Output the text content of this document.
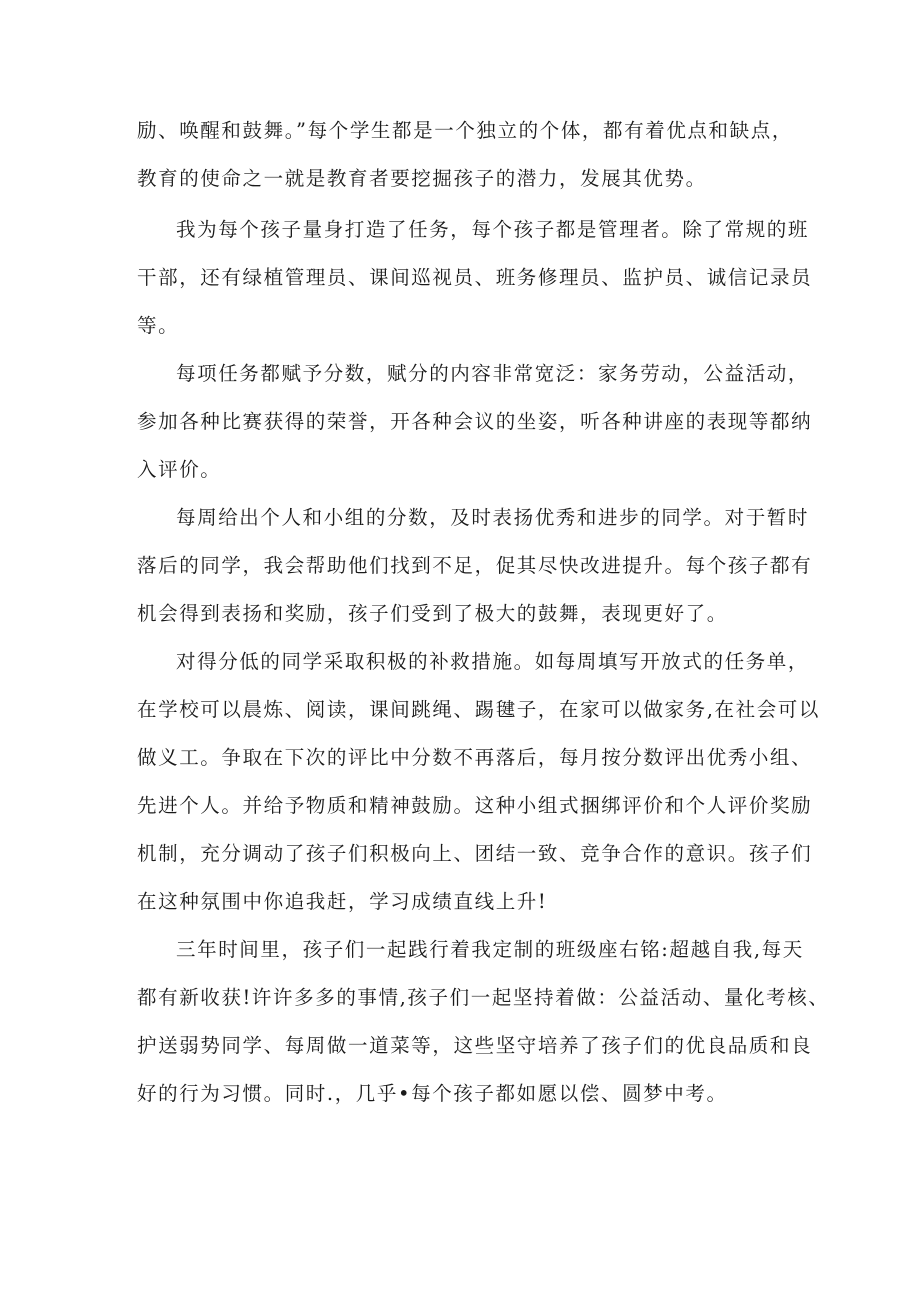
励、唤醒和鼓舞。”每个学生都是一个独立的个体，都有着优点和缺点，

教育的使命之一就是教育者要挖掘孩子的潜力，发展其优势。

我为每个孩子量身打造了任务，每个孩子都是管理者。除了常规的班

干部，还有绿植管理员、课间巡视员、班务修理员、监护员、诚信记录员

等。

每项任务都赋予分数，赋分的内容非常宽泛：家务劳动，公益活动，

参加各种比赛获得的荣誉，开各种会议的坐姿，听各种讲座的表现等都纳

入评价。

每周给出个人和小组的分数，及时表扬优秀和进步的同学。对于暂时

落后的同学，我会帮助他们找到不足，促其尽快改进提升。每个孩子都有

机会得到表扬和奖励，孩子们受到了极大的鼓舞，表现更好了。

对得分低的同学采取积极的补救措施。如每周填写开放式的任务单，

在学校可以晨炼、阅读，课间跳绳、踢毽子，在家可以做家务,在社会可以

做义工。争取在下次的评比中分数不再落后，每月按分数评出优秀小组、

先进个人。并给予物质和精神鼓励。这种小组式捆绑评价和个人评价奖励

机制，充分调动了孩子们积极向上、团结一致、竞争合作的意识。孩子们

在这种氛围中你追我赶，学习成绩直线上升!

三年时间里，孩子们一起践行着我定制的班级座右铭:超越自我,每天

都有新收获!许许多多的事情,孩子们一起坚持着做：公益活动、量化考核、

护送弱势同学、每周做一道菜等，这些坚守培养了孩子们的优良品质和良

好的行为习惯。同时.，几乎•每个孩子都如愿以偿、圆梦中考。
